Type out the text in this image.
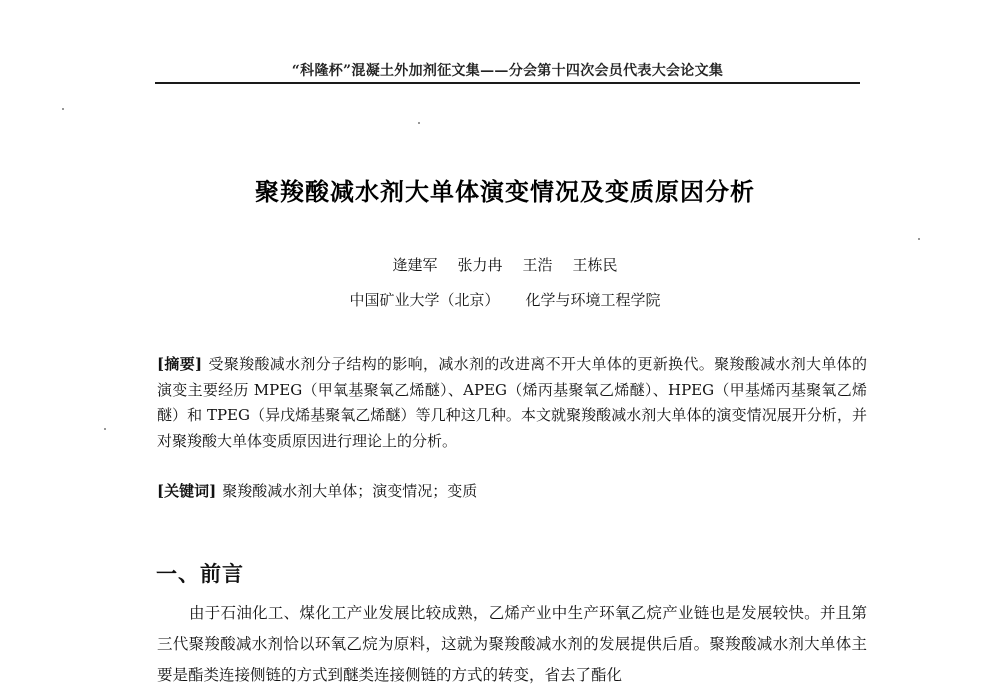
“科隆杯”混凝土外加剂征文集——分会第十四次会员代表大会论文集
聚羧酸减水剂大单体演变情况及变质原因分析
逄建军 张力冉 王浩 王栋民
中国矿业大学（北京） 化学与环境工程学院
[摘要] 受聚羧酸减水剂分子结构的影响，减水剂的改进离不开大单体的更新换代。聚羧酸减水剂大单体的演变主要经历 MPEG（甲氧基聚氧乙烯醚）、APEG（烯丙基聚氧乙烯醚）、HPEG（甲基烯丙基聚氧乙烯醚）和 TPEG（异戊烯基聚氧乙烯醚）等几种这几种。本文就聚羧酸减水剂大单体的演变情况展开分析，并对聚羧酸大单体变质原因进行理论上的分析。
[关键词] 聚羧酸减水剂大单体；演变情况；变质
一、前言
由于石油化工、煤化工产业发展比较成熟，乙烯产业中生产环氧乙烷产业链也是发展较快。并且第三代聚羧酸减水剂恰以环氧乙烷为原料，这就为聚羧酸减水剂的发展提供后盾。聚羧酸减水剂大单体主要是酯类连接侧链的方式到醚类连接侧链的方式的转变，省去了酯化
